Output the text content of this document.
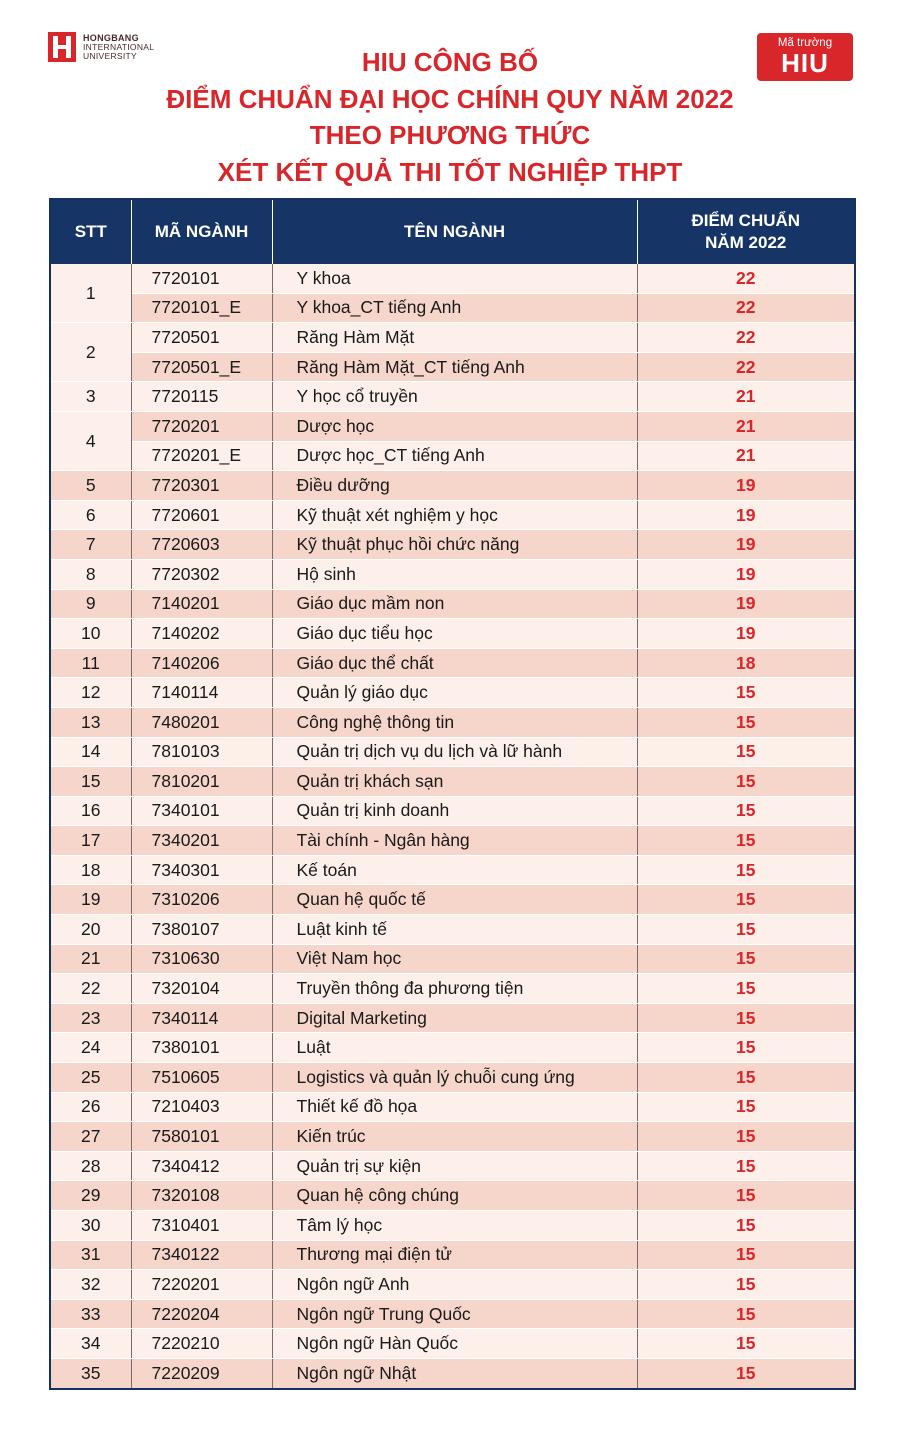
HONGBANG
INTERNATIONAL
UNIVERSITY
Mã trường
HIU
HIU CÔNG BỐ
ĐIỂM CHUẨN ĐẠI HỌC CHÍNH QUY NĂM 2022
THEO PHƯƠNG THỨC
XÉT KẾT QUẢ THI TỐT NGHIỆP THPT
STT	MÃ NGÀNH	TÊN NGÀNH	ĐIỂM CHUẨN NĂM 2022
1	7720101	Y khoa	22
	7720101_E	Y khoa_CT tiếng Anh	22
2	7720501	Răng Hàm Mặt	22
	7720501_E	Răng Hàm Mặt_CT tiếng Anh	22
3	7720115	Y học cổ truyền	21
4	7720201	Dược học	21
	7720201_E	Dược học_CT tiếng Anh	21
5	7720301	Điều dưỡng	19
6	7720601	Kỹ thuật xét nghiệm y học	19
7	7720603	Kỹ thuật phục hồi chức năng	19
8	7720302	Hộ sinh	19
9	7140201	Giáo dục mầm non	19
10	7140202	Giáo dục tiểu học	19
11	7140206	Giáo dục thể chất	18
12	7140114	Quản lý giáo dục	15
13	7480201	Công nghệ thông tin	15
14	7810103	Quản trị dịch vụ du lịch và lữ hành	15
15	7810201	Quản trị khách sạn	15
16	7340101	Quản trị kinh doanh	15
17	7340201	Tài chính - Ngân hàng	15
18	7340301	Kế toán	15
19	7310206	Quan hệ quốc tế	15
20	7380107	Luật kinh tế	15
21	7310630	Việt Nam học	15
22	7320104	Truyền thông đa phương tiện	15
23	7340114	Digital Marketing	15
24	7380101	Luật	15
25	7510605	Logistics và quản lý chuỗi cung ứng	15
26	7210403	Thiết kế đồ họa	15
27	7580101	Kiến trúc	15
28	7340412	Quản trị sự kiện	15
29	7320108	Quan hệ công chúng	15
30	7310401	Tâm lý học	15
31	7340122	Thương mại điện tử	15
32	7220201	Ngôn ngữ Anh	15
33	7220204	Ngôn ngữ Trung Quốc	15
34	7220210	Ngôn ngữ Hàn Quốc	15
35	7220209	Ngôn ngữ Nhật	15
